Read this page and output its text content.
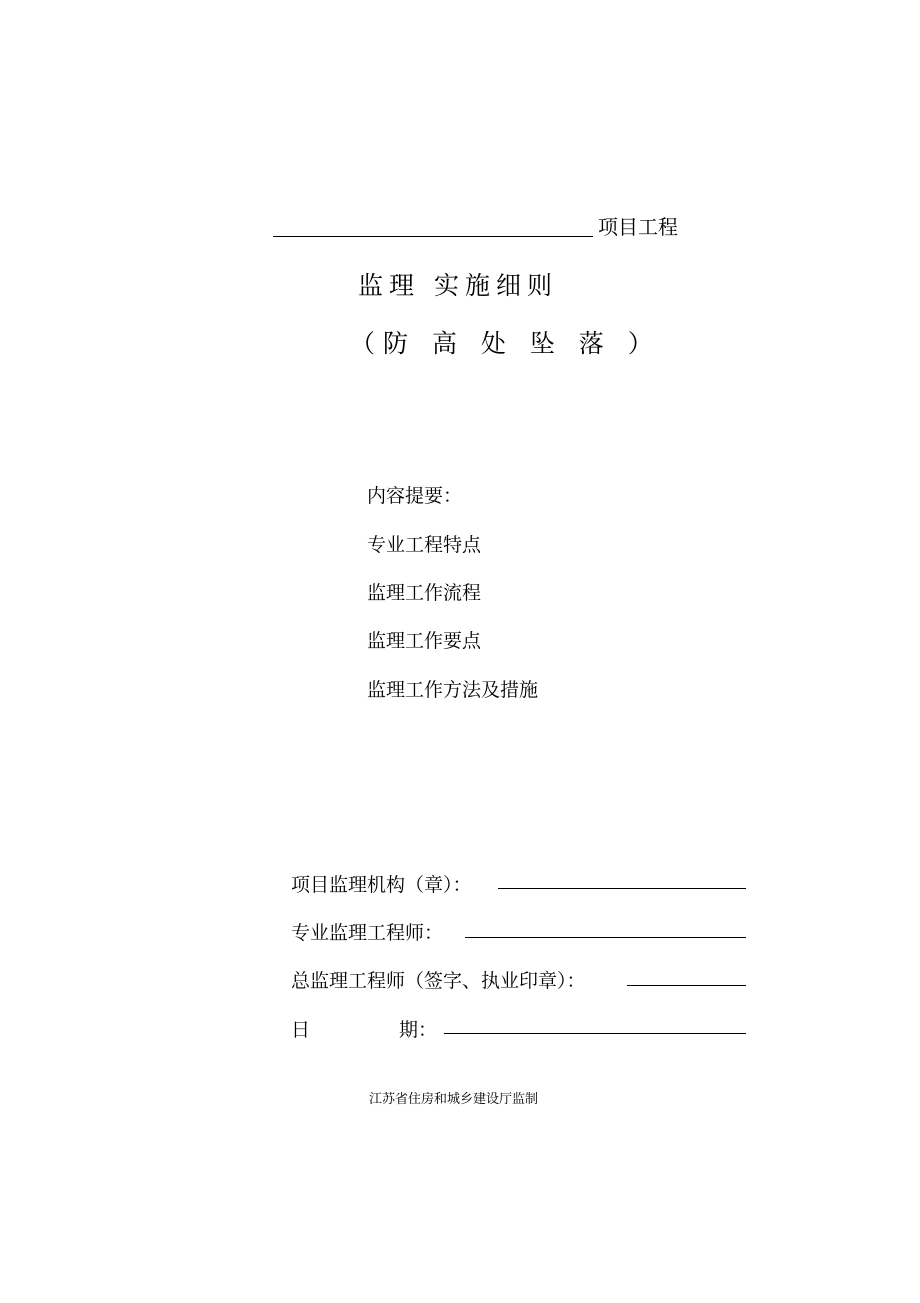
项目工程
监理 实施细则
（防 高 处 坠 落 ）
内容提要：
专业工程特点
监理工作流程
监理工作要点
监理工作方法及措施
项目监理机构（章）：
专业监理工程师：
总监理工程师（签字、执业印章）：
日	期：
江苏省住房和城乡建设厅监制
